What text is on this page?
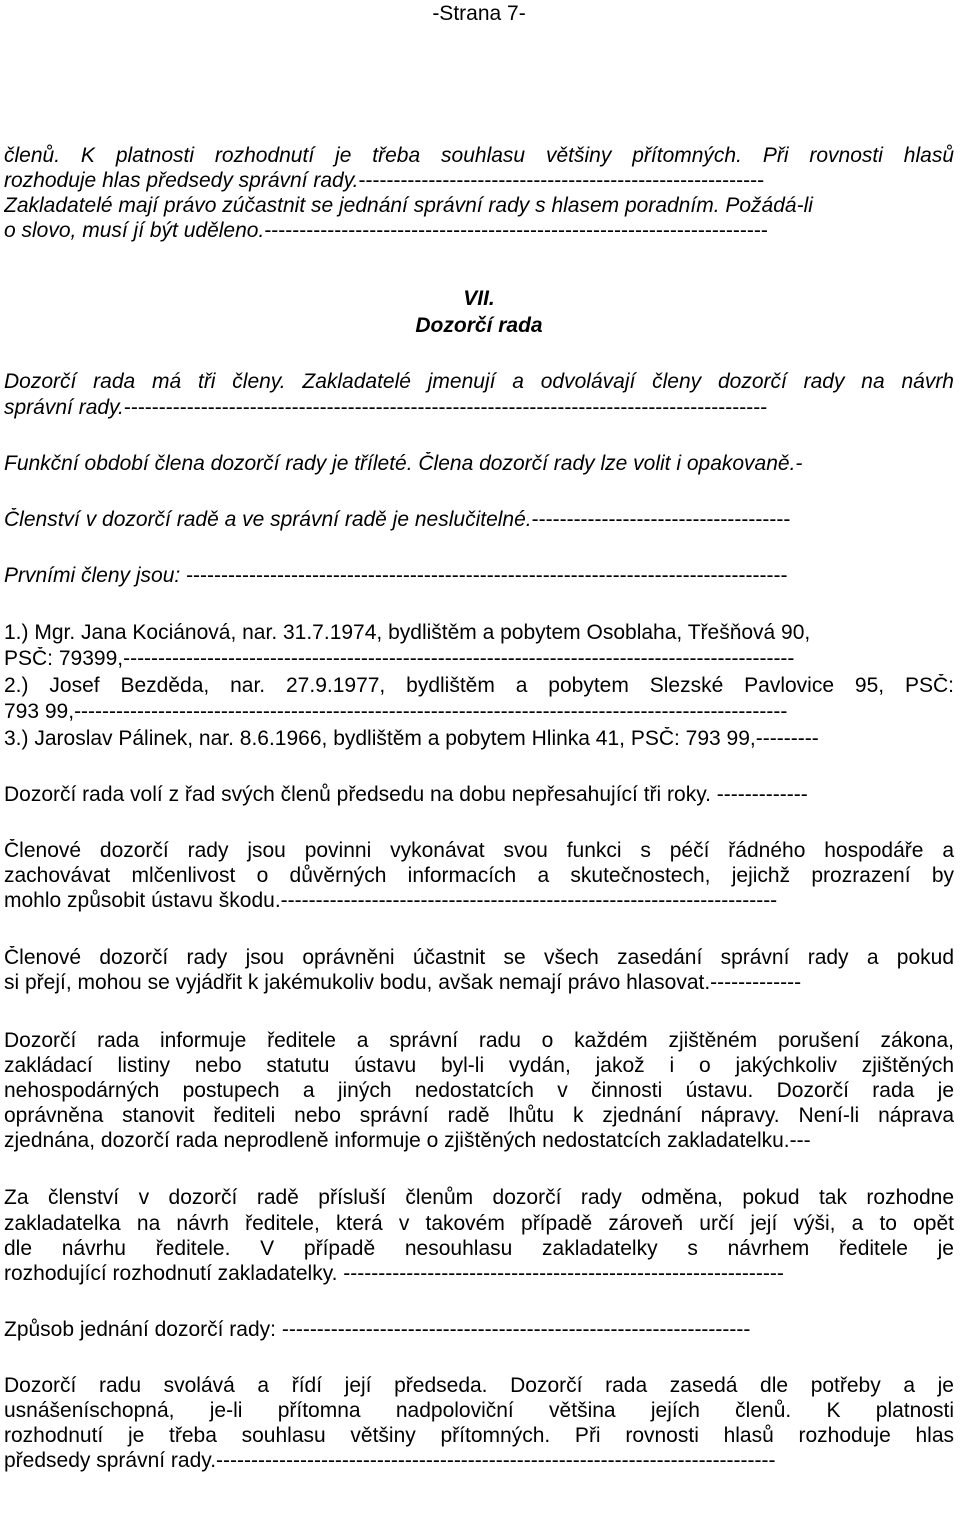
-Strana 7-
členů. K platnosti rozhodnutí je třeba souhlasu většiny přítomných. Při rovnosti hlasů
rozhoduje hlas předsedy správní rady.----------------------------------------------------------
Zakladatelé mají právo zúčastnit se jednání správní rady s hlasem poradním. Požádá-li
o slovo, musí jí být uděleno.------------------------------------------------------------------------
VII.
Dozorčí rada
Dozorčí rada má tři členy. Zakladatelé jmenují a odvolávají členy dozorčí rady na návrh
správní rady.--------------------------------------------------------------------------------------------
Funkční období člena dozorčí rady je tříleté. Člena dozorčí rady lze volit i opakovaně.-
Členství v dozorčí radě a ve správní radě je neslučitelné.-------------------------------------
Prvními členy jsou: --------------------------------------------------------------------------------------
1.) Mgr. Jana Kociánová, nar. 31.7.1974, bydlištěm a pobytem Osoblaha, Třešňová 90,
PSČ: 79399,------------------------------------------------------------------------------------------------
2.) Josef Bezděda, nar. 27.9.1977, bydlištěm a pobytem Slezské Pavlovice 95, PSČ:
793 99,------------------------------------------------------------------------------------------------------
3.) Jaroslav Pálinek, nar. 8.6.1966, bydlištěm a pobytem Hlinka 41, PSČ: 793 99,---------
Dozorčí rada volí z řad svých členů předsedu na dobu nepřesahující tři roky. -------------
Členové dozorčí rady jsou povinni vykonávat svou funkci s péčí řádného hospodáře a
zachovávat mlčenlivost o důvěrných informacích a skutečnostech, jejichž prozrazení by
mohlo způsobit ústavu škodu.-----------------------------------------------------------------------
Členové dozorčí rady jsou oprávněni účastnit se všech zasedání správní rady a pokud
si přejí, mohou se vyjádřit k jakémukoliv bodu, avšak nemají právo hlasovat.-------------
Dozorčí rada informuje ředitele a správní radu o každém zjištěném porušení zákona,
zakládací listiny nebo statutu ústavu byl-li vydán, jakož i o jakýchkoliv zjištěných
nehospodárných postupech a jiných nedostatcích v činnosti ústavu. Dozorčí rada je
oprávněna stanovit řediteli nebo správní radě lhůtu k zjednání nápravy. Není-li náprava
zjednána, dozorčí rada neprodleně informuje o zjištěných nedostatcích zakladatelku.---
Za členství v dozorčí radě přísluší členům dozorčí rady odměna, pokud tak rozhodne
zakladatelka na návrh ředitele, která v takovém případě zároveň určí její výši, a to opět
dle návrhu ředitele. V případě nesouhlasu zakladatelky s návrhem ředitele je
rozhodující rozhodnutí zakladatelky. ---------------------------------------------------------------
Způsob jednání dozorčí rady: -------------------------------------------------------------------
Dozorčí radu svolává a řídí její předseda. Dozorčí rada zasedá dle potřeby a je
usnášeníschopná, je-li přítomna nadpoloviční většina jejích členů. K platnosti
rozhodnutí je třeba souhlasu většiny přítomných. Při rovnosti hlasů rozhoduje hlas
předsedy správní rady.--------------------------------------------------------------------------------
